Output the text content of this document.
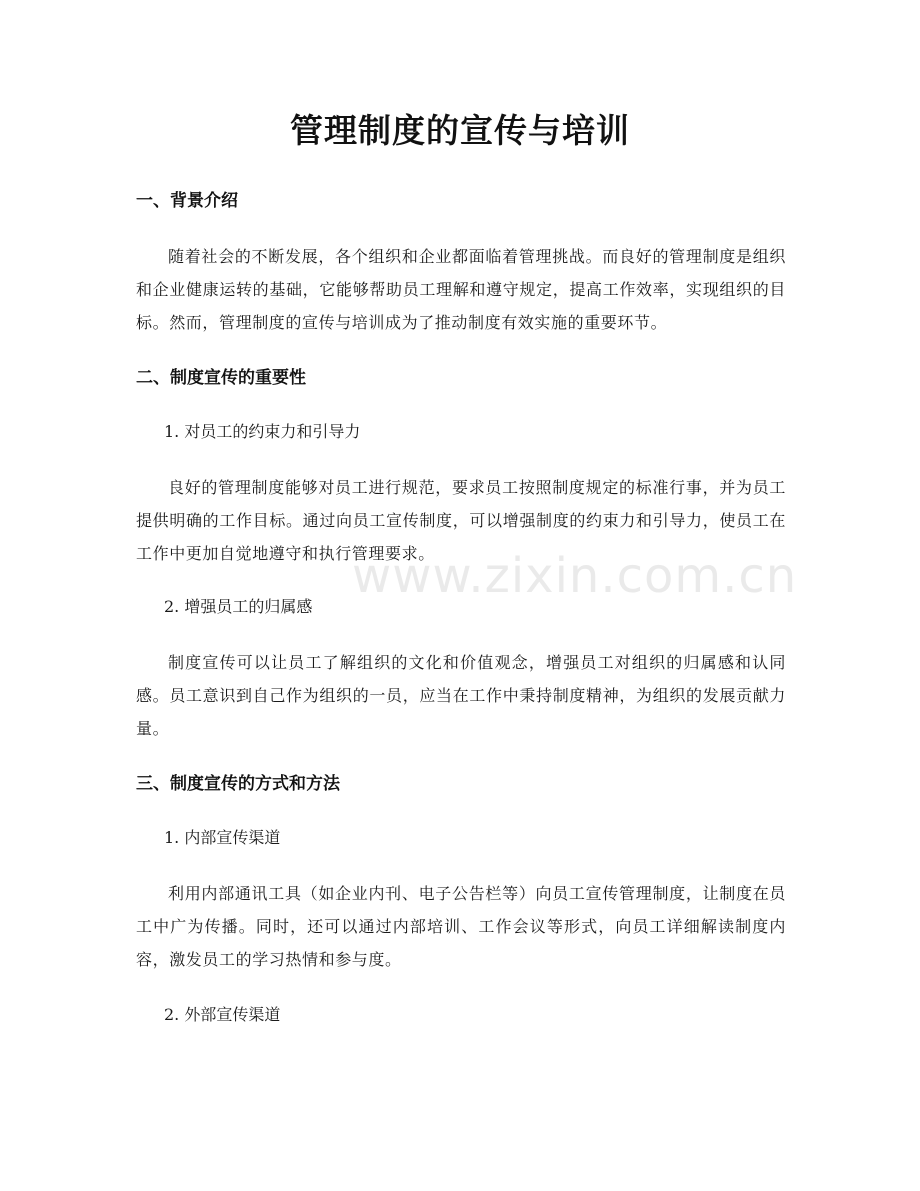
管理制度的宣传与培训
www.zixin.com.cn
一、背景介绍

随着社会的不断发展，各个组织和企业都面临着管理挑战。而良好的管理制度是组织和企业健康运转的基础，它能够帮助员工理解和遵守规定，提高工作效率，实现组织的目标。然而，管理制度的宣传与培训成为了推动制度有效实施的重要环节。

二、制度宣传的重要性

1. 对员工的约束力和引导力

良好的管理制度能够对员工进行规范，要求员工按照制度规定的标准行事，并为员工提供明确的工作目标。通过向员工宣传制度，可以增强制度的约束力和引导力，使员工在工作中更加自觉地遵守和执行管理要求。

2. 增强员工的归属感

制度宣传可以让员工了解组织的文化和价值观念，增强员工对组织的归属感和认同感。员工意识到自己作为组织的一员，应当在工作中秉持制度精神，为组织的发展贡献力量。

三、制度宣传的方式和方法

1. 内部宣传渠道

利用内部通讯工具（如企业内刊、电子公告栏等）向员工宣传管理制度，让制度在员工中广为传播。同时，还可以通过内部培训、工作会议等形式，向员工详细解读制度内容，激发员工的学习热情和参与度。

2. 外部宣传渠道
